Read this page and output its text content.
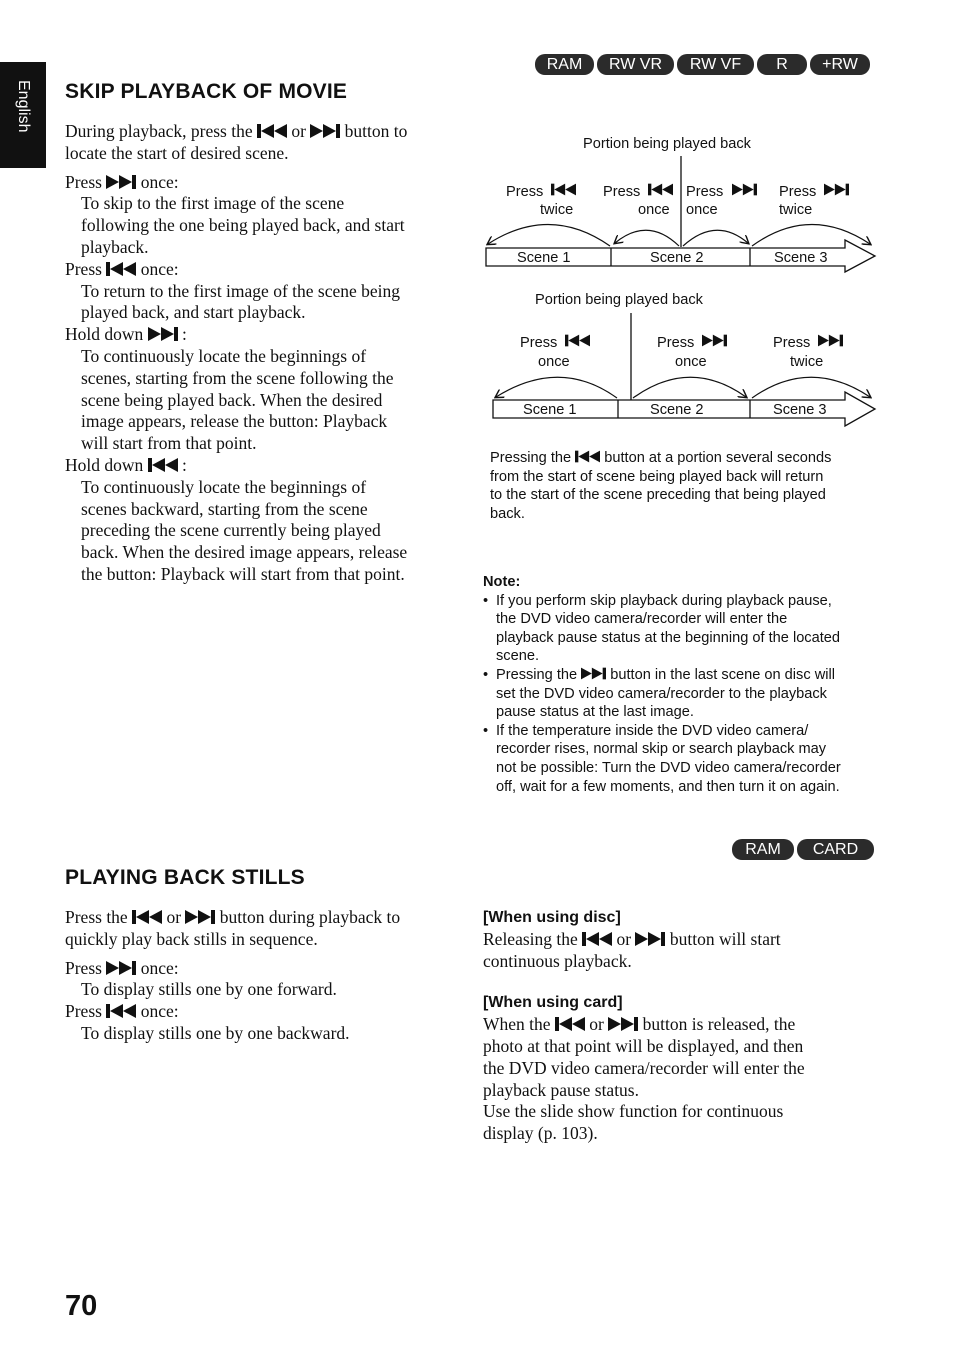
English
RAM RW VR RW VF R +RW
SKIP PLAYBACK OF MOVIE

During playback, press the or button to

locate the start of desired scene.

Press once:

To skip to the first image of the scene

following the one being played back, and start

playback.

Press once:

To return to the first image of the scene being

played back, and start playback.

Hold down :

To continuously locate the beginnings of

scenes, starting from the scene following the

scene being played back. When the desired

image appears, release the button: Playback

will start from that point.

Hold down :

To continuously locate the beginnings of

scenes backward, starting from the scene

preceding the scene currently being played

back. When the desired image appears, release

the button: Playback will start from that point.

Portion being played back
Press
twice
Press
once
Press
once
Press
twice
Scene 1	Scene 2	Scene 3
Portion being played back
Press
once
Press
once
Press
twice
Scene 1	Scene 2	Scene 3
Pressing the button at a portion several seconds
from the start of scene being played back will return
to the start of the scene preceding that being played
back.
Note:
• If you perform skip playback during playback pause,
the DVD video camera/recorder will enter the
playback pause status at the beginning of the located
scene.
• Pressing the button in the last scene on disc will
set the DVD video camera/recorder to the playback
pause status at the last image.
• If the temperature inside the DVD video camera/
recorder rises, normal skip or search playback may
not be possible: Turn the DVD video camera/recorder
off, wait for a few moments, and then turn it on again.
RAM CARD
PLAYING BACK STILLS

Press the or button during playback to

quickly play back stills in sequence.

Press once:

To display stills one by one forward.

Press once:

To display stills one by one backward.

[When using disc]

Releasing the or button will start

continuous playback.

[When using card]

When the or button is released, the

photo at that point will be displayed, and then

the DVD video camera/recorder will enter the

playback pause status.

Use the slide show function for continuous

display (p. 103).

70
